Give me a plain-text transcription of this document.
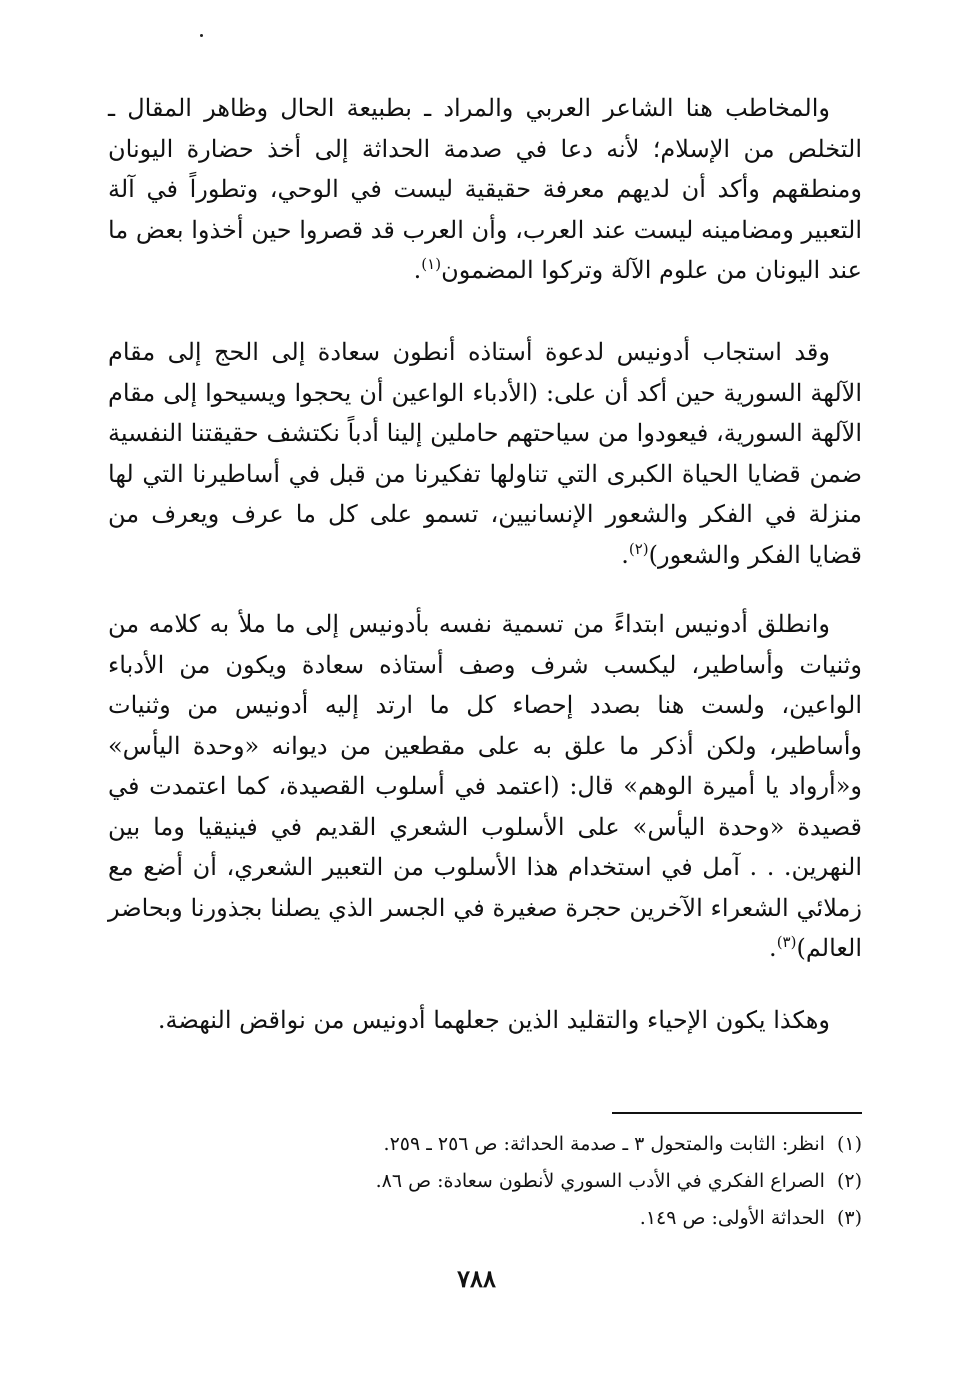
والمخاطب هنا الشاعر العربي والمراد ـ بطبيعة الحال وظاهر المقال ـ التخلص من الإسلام؛ لأنه دعا في صدمة الحداثة إلى أخذ حضارة اليونان ومنطقهم وأكد أن لديهم معرفة حقيقية ليست في الوحي، وتطوراً في آلة التعبير ومضامينه ليست عند العرب، وأن العرب قد قصروا حين أخذوا بعض ما عند اليونان من علوم الآلة وتركوا المضمون$^{(١)}$.

وقد استجاب أدونيس لدعوة أستاذه أنطون سعادة إلى الحج إلى مقام الآلهة السورية حين أكد أن على: (الأدباء الواعين أن يحجوا ويسيحوا إلى مقام الآلهة السورية، فيعودوا من سياحتهم حاملين إلينا أدباً نكتشف حقيقتنا النفسية ضمن قضايا الحياة الكبرى التي تناولها تفكيرنا من قبل في أساطيرنا التي لها منزلة في الفكر والشعور الإنسانيين، تسمو على كل ما عرف ويعرف من قضايا الفكر والشعور)$^{(٢)}$.

وانطلق أدونيس ابتداءً من تسمية نفسه بأدونيس إلى ما ملأ به كلامه من وثنيات وأساطير، ليكسب شرف وصف أستاذه سعادة ويكون من الأدباء الواعين، ولست هنا بصدد إحصاء كل ما ارتد إليه أدونيس من وثنيات وأساطير، ولكن أذكر ما علق به على مقطعين من ديوانه «وحدة اليأس» و«أرواد يا أميرة الوهم» قال: (اعتمد في أسلوب القصيدة، كما اعتمدت في قصيدة «وحدة اليأس» على الأسلوب الشعري القديم في فينيقيا وما بين النهرين. . . آمل في استخدام هذا الأسلوب من التعبير الشعري، أن أضع مع زملائي الشعراء الآخرين حجرة صغيرة في الجسر الذي يصلنا بجذورنا وبحاضر العالم)$^{(٣)}$.

وهكذا يكون الإحياء والتقليد الذين جعلهما أدونيس من نواقض النهضة.

(١)انظر: الثابت والمتحول ٣ ـ صدمة الحداثة: ص ٢٥٦ ـ ٢٥٩.
(٢)الصراع الفكري في الأدب السوري لأنطون سعادة: ص ٨٦.
(٣)الحداثة الأولى: ص ١٤٩.
٧٨٨
